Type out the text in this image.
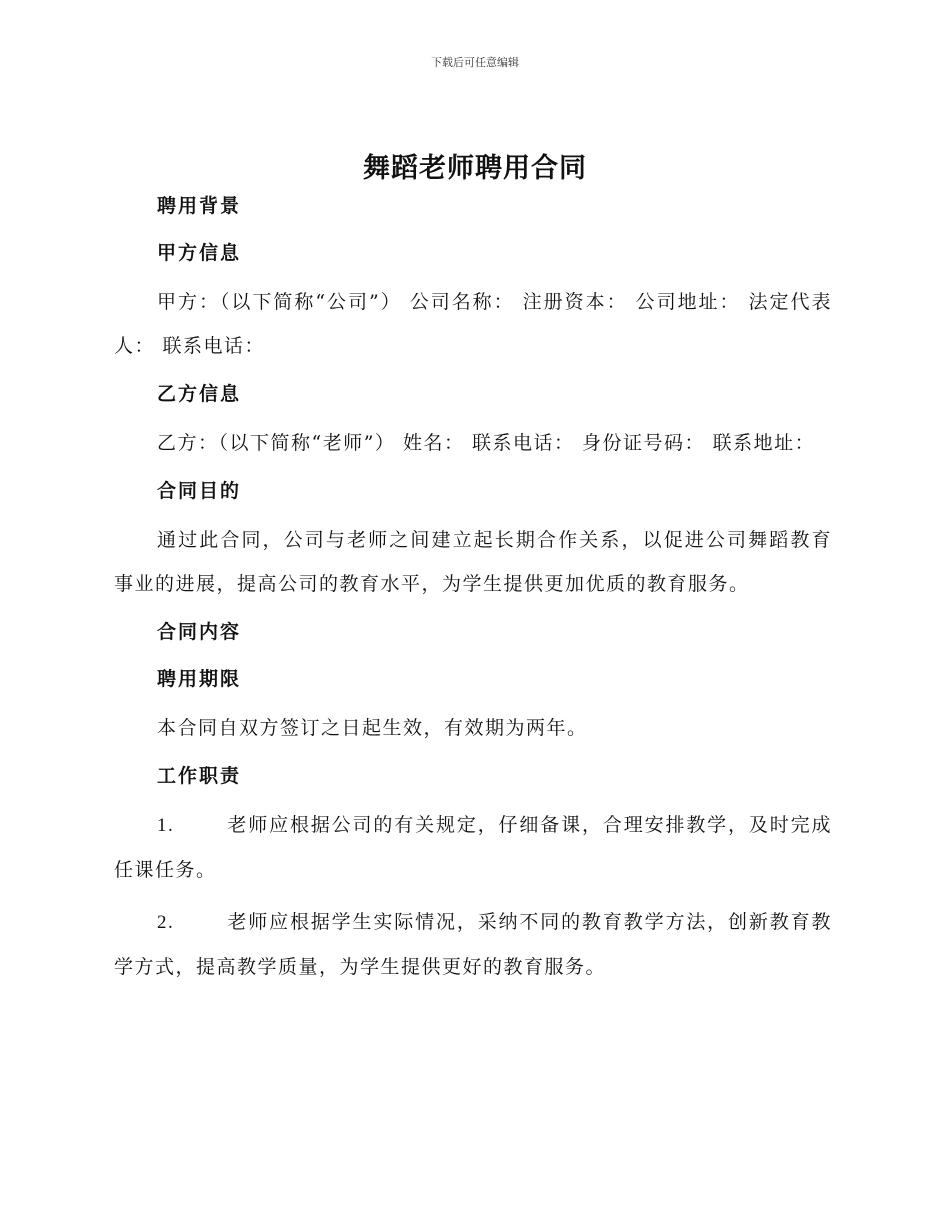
下载后可任意编辑
舞蹈老师聘用合同

聘用背景

甲方信息

甲方：（以下简称“公司”） 公司名称： 注册资本： 公司地址： 法定代表人： 联系电话：

乙方信息

乙方：（以下简称“老师”） 姓名： 联系电话： 身份证号码： 联系地址：

合同目的

通过此合同，公司与老师之间建立起长期合作关系，以促进公司舞蹈教育事业的进展，提高公司的教育水平，为学生提供更加优质的教育服务。

合同内容

聘用期限

本合同自双方签订之日起生效，有效期为两年。

工作职责

1.	老师应根据公司的有关规定，仔细备课，合理安排教学，及时完成任课任务。

2.	老师应根据学生实际情况，采纳不同的教育教学方法，创新教育教学方式，提高教学质量，为学生提供更好的教育服务。
